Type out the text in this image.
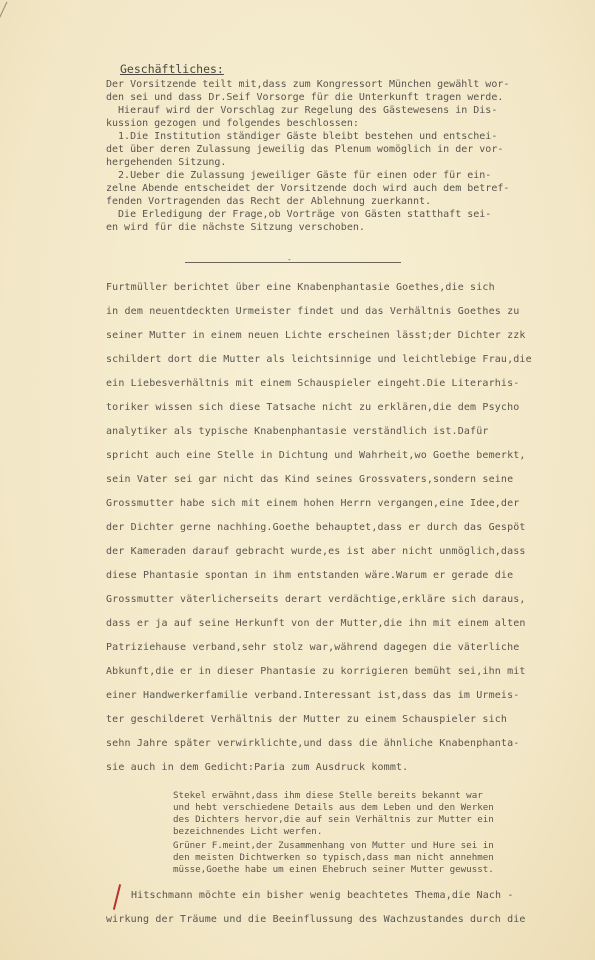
Geschäftliches:
Der Vorsitzende teilt mit,dass zum Kongressort München gewählt wor-
den sei und dass Dr.Seif Vorsorge für die Unterkunft tragen werde.
Hierauf wird der Vorschlag zur Regelung des Gästewesens in Dis-
kussion gezogen und folgendes beschlossen:
1.Die Institution ständiger Gäste bleibt bestehen und entschei-
det über deren Zulassung jeweilig das Plenum womöglich in der vor-
hergehenden Sitzung.
2.Ueber die Zulassung jeweiliger Gäste für einen oder für ein-
zelne Abende entscheidet der Vorsitzende doch wird auch dem betref-
fenden Vortragenden das Recht der Ablehnung zuerkannt.
Die Erledigung der Frage,ob Vorträge von Gästen statthaft sei-
en wird für die nächste Sitzung verschoben.
-
Furtmüller berichtet über eine Knabenphantasie Goethes,die sich
in dem neuentdeckten Urmeister findet und das Verhältnis Goethes zu
seiner Mutter in einem neuen Lichte erscheinen lässt;der Dichter zzk
schildert dort die Mutter als leichtsinnige und leichtlebige Frau,die
ein Liebesverhältnis mit einem Schauspieler eingeht.Die Literarhis-
toriker wissen sich diese Tatsache nicht zu erklären,die dem Psycho
analytiker als typische Knabenphantasie verständlich ist.Dafür
spricht auch eine Stelle in Dichtung und Wahrheit,wo Goethe bemerkt,
sein Vater sei gar nicht das Kind seines Grossvaters,sondern seine
Grossmutter habe sich mit einem hohen Herrn vergangen,eine Idee,der
der Dichter gerne nachhing.Goethe behauptet,dass er durch das Gespöt
der Kameraden darauf gebracht wurde,es ist aber nicht unmöglich,dass
diese Phantasie spontan in ihm entstanden wäre.Warum er gerade die
Grossmutter väterlicherseits derart verdächtige,erkläre sich daraus,
dass er ja auf seine Herkunft von der Mutter,die ihn mit einem alten
Patriziehause verband,sehr stolz war,während dagegen die väterliche
Abkunft,die er in dieser Phantasie zu korrigieren bemüht sei,ihn mit
einer Handwerkerfamilie verband.Interessant ist,dass das im Urmeis-
ter geschilderet Verhältnis der Mutter zu einem Schauspieler sich
sehn Jahre später verwirklichte,und dass die ähnliche Knabenphanta-
sie auch in dem Gedicht:Paria zum Ausdruck kommt.
Stekel erwähnt,dass ihm diese Stelle bereits bekannt war
und hebt verschiedene Details aus dem Leben und den Werken
des Dichters hervor,die auf sein Verhältnis zur Mutter ein
bezeichnendes Licht werfen.
Grüner F.meint,der Zusammenhang von Mutter und Hure sei in
den meisten Dichtwerken so typisch,dass man nicht annehmen
müsse,Goethe habe um einen Ehebruch seiner Mutter gewusst.
Hitschmann möchte ein bisher wenig beachtetes Thema,die Nach -
wirkung der Träume und die Beeinflussung des Wachzustandes durch die
